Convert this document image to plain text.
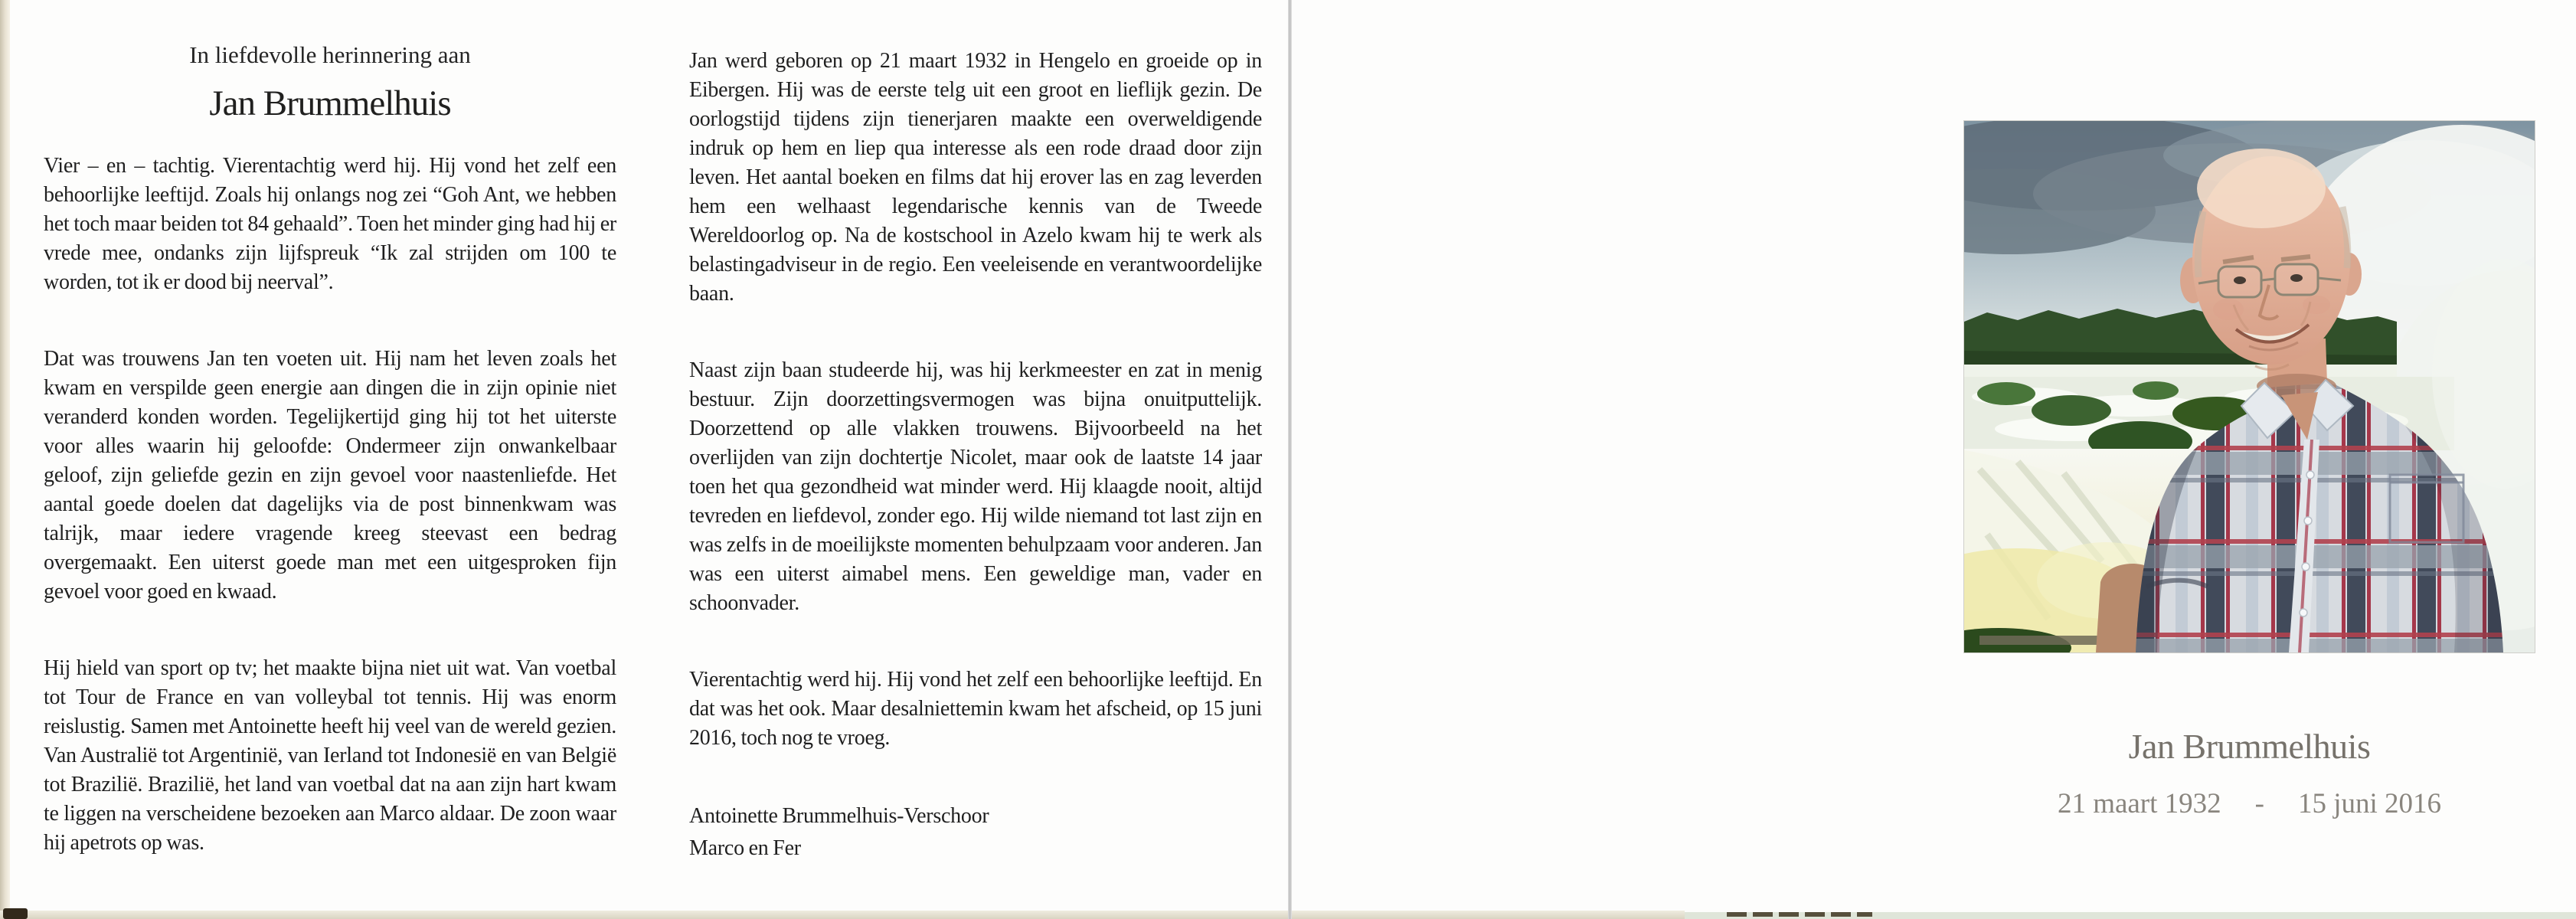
In liefdevolle herinnering aan
Jan Brummelhuis

Vier – en – tachtig. Vierentachtig werd hij. Hij vond het zelf een behoorlijke leeftijd. Zoals hij onlangs nog zei “Goh Ant, we hebben het toch maar beiden tot 84 gehaald”. Toen het minder ging had hij er vrede mee, ondanks zijn lijfspreuk “Ik zal strijden om 100 te worden, tot ik er dood bij neerval”.

Dat was trouwens Jan ten voeten uit. Hij nam het leven zoals het kwam en verspilde geen energie aan dingen die in zijn opinie niet veranderd konden worden. Tegelijkertijd ging hij tot het uiterste voor alles waarin hij geloofde: Ondermeer zijn onwankelbaar geloof, zijn geliefde gezin en zijn gevoel voor naastenliefde. Het aantal goede doelen dat dagelijks via de post binnenkwam was talrijk, maar iedere vragende kreeg steevast een bedrag overgemaakt. Een uiterst goede man met een uitgesproken fijn gevoel voor goed en kwaad.

Hij hield van sport op tv; het maakte bijna niet uit wat. Van voetbal tot Tour de France en van volleybal tot tennis. Hij was enorm reislustig. Samen met Antoinette heeft hij veel van de wereld gezien. Van Australië tot Argentinië, van Ierland tot Indonesië en van België tot Brazilië. Brazilië, het land van voetbal dat na aan zijn hart kwam te liggen na verscheidene bezoeken aan Marco aldaar. De zoon waar hij apetrots op was.

Jan werd geboren op 21 maart 1932 in Hengelo en groeide op in Eibergen. Hij was de eerste telg uit een groot en lieflijk gezin. De oorlogstijd tijdens zijn tienerjaren maakte een overweldigende indruk op hem en liep qua interesse als een rode draad door zijn leven. Het aantal boeken en films dat hij erover las en zag leverden hem een welhaast legendarische kennis van de Tweede Wereldoorlog op. Na de kostschool in Azelo kwam hij te werk als belastingadviseur in de regio. Een veeleisende en verantwoordelijke baan.

Naast zijn baan studeerde hij, was hij kerkmeester en zat in menig bestuur. Zijn doorzettingsvermogen was bijna onuitputtelijk. Doorzettend op alle vlakken trouwens. Bijvoorbeeld na het overlijden van zijn dochtertje Nicolet, maar ook de laatste 14 jaar toen het qua gezondheid wat minder werd. Hij klaagde nooit, altijd tevreden en liefdevol, zonder ego. Hij wilde niemand tot last zijn en was zelfs in de moeilijkste momenten behulpzaam voor anderen. Jan was een uiterst aimabel mens. Een geweldige man, vader en schoonvader.

Vierentachtig werd hij. Hij vond het zelf een behoorlijke leeftijd. En dat was het ook. Maar desalniettemin kwam het afscheid, op 15 juni 2016, toch nog te vroeg.

Antoinette Brummelhuis-Verschoor

Marco en Fer

Jan Brummelhuis
21 maart 1932 - 15 juni 2016
